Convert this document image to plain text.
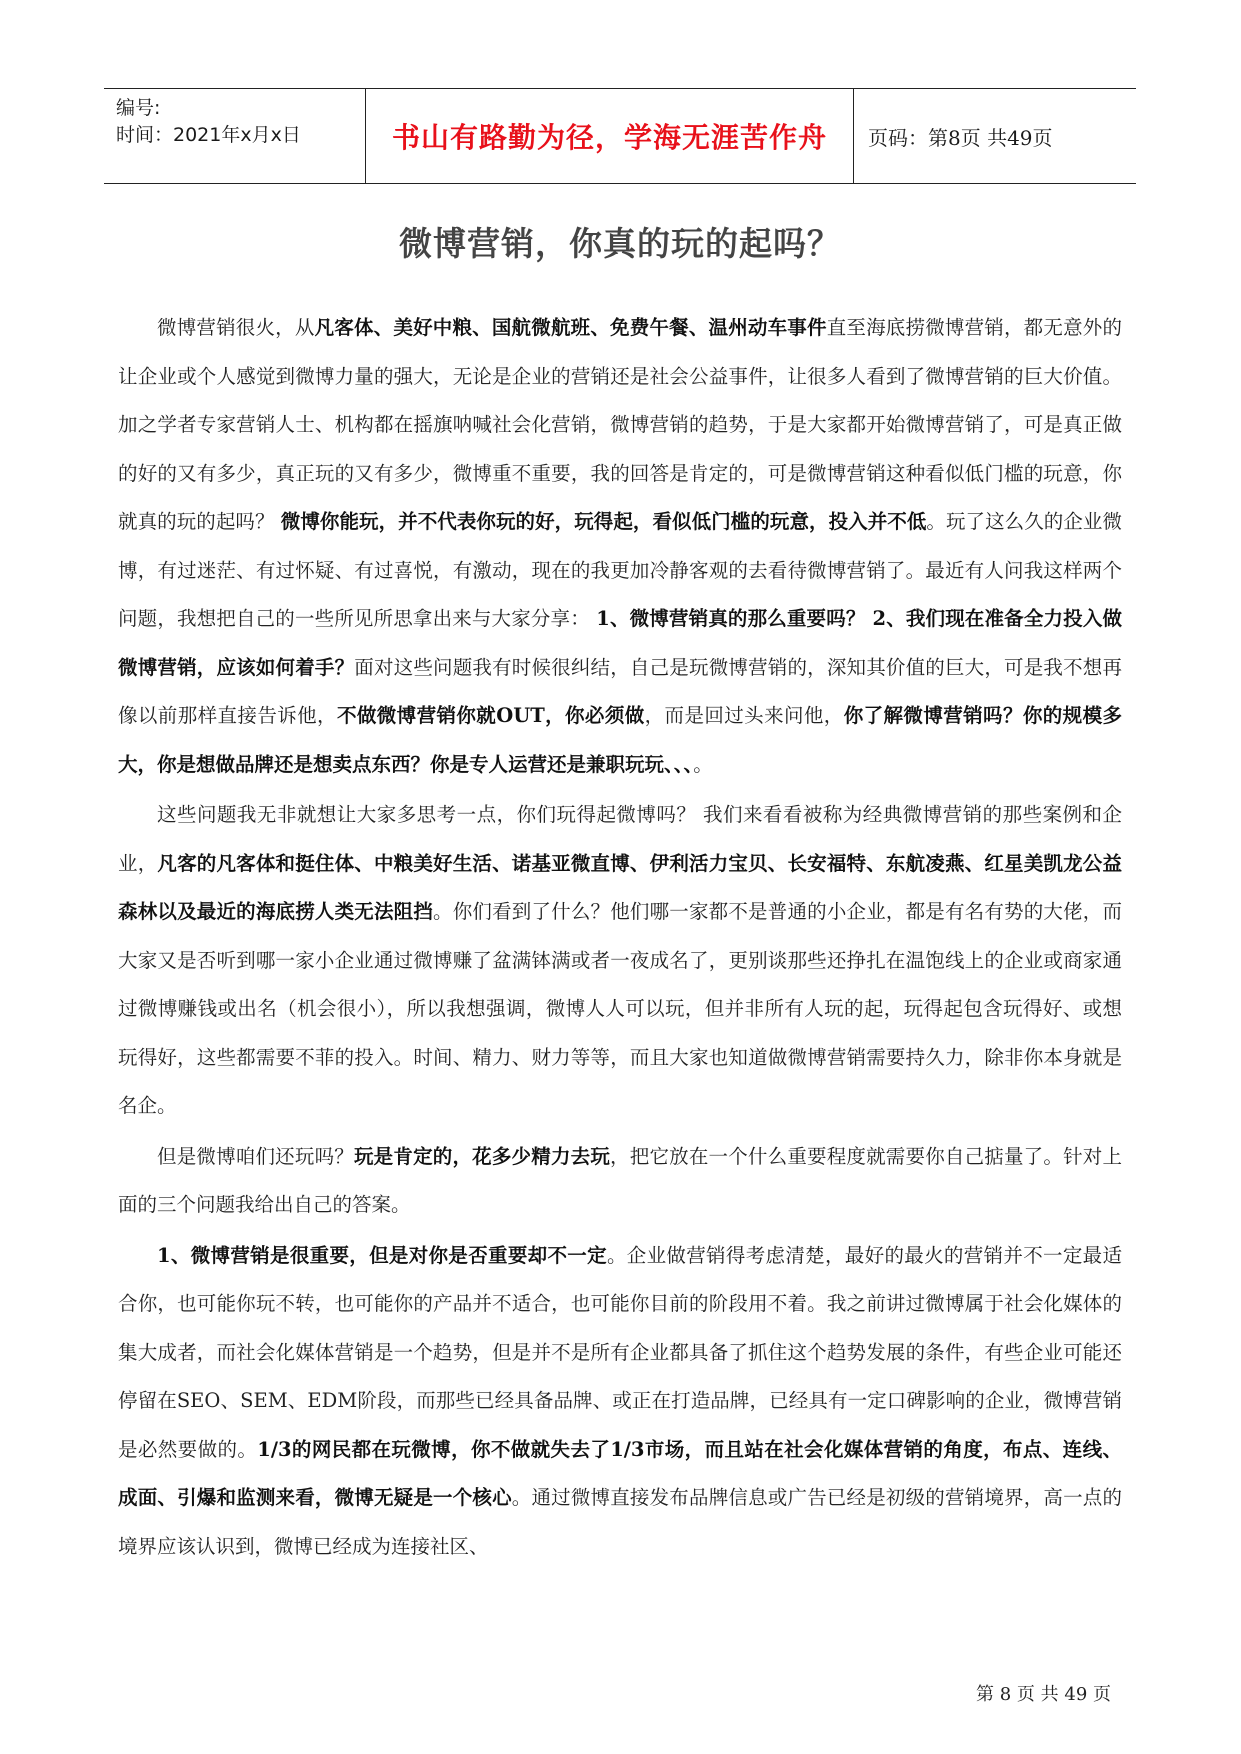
编号:
时间：2021年x月x日	书山有路勤为径，学海无涯苦作舟	页码：第8页 共49页
微博营销，你真的玩的起吗？

微博营销很火，从凡客体、美好中粮、国航微航班、免费午餐、温州动车事件直至海底捞微博营销，都无意外的让企业或个人感觉到微博力量的强大，无论是企业的营销还是社会公益事件，让很多人看到了微博营销的巨大价值。加之学者专家营销人士、机构都在摇旗呐喊社会化营销，微博营销的趋势，于是大家都开始微博营销了，可是真正做的好的又有多少，真正玩的又有多少，微博重不重要，我的回答是肯定的，可是微博营销这种看似低门槛的玩意，你就真的玩的起吗？ 微博你能玩，并不代表你玩的好，玩得起，看似低门槛的玩意，投入并不低。玩了这么久的企业微博，有过迷茫、有过怀疑、有过喜悦，有激动，现在的我更加冷静客观的去看待微博营销了。最近有人问我这样两个问题，我想把自己的一些所见所思拿出来与大家分享： 1、微博营销真的那么重要吗？ 2、我们现在准备全力投入做微博营销，应该如何着手？面对这些问题我有时候很纠结，自己是玩微博营销的，深知其价值的巨大，可是我不想再像以前那样直接告诉他，不做微博营销你就OUT，你必须做，而是回过头来问他，你了解微博营销吗？你的规模多大，你是想做品牌还是想卖点东西？你是专人运营还是兼职玩玩、、、。

这些问题我无非就想让大家多思考一点，你们玩得起微博吗？ 我们来看看被称为经典微博营销的那些案例和企业，凡客的凡客体和挺住体、中粮美好生活、诺基亚微直博、伊利活力宝贝、长安福特、东航凌燕、红星美凯龙公益森林以及最近的海底捞人类无法阻挡。你们看到了什么？他们哪一家都不是普通的小企业，都是有名有势的大佬，而大家又是否听到哪一家小企业通过微博赚了盆满钵满或者一夜成名了，更别谈那些还挣扎在温饱线上的企业或商家通过微博赚钱或出名（机会很小），所以我想强调，微博人人可以玩，但并非所有人玩的起，玩得起包含玩得好、或想玩得好，这些都需要不菲的投入。时间、精力、财力等等，而且大家也知道做微博营销需要持久力，除非你本身就是名企。

但是微博咱们还玩吗？玩是肯定的，花多少精力去玩，把它放在一个什么重要程度就需要你自己掂量了。针对上面的三个问题我给出自己的答案。

1、微博营销是很重要，但是对你是否重要却不一定。企业做营销得考虑清楚，最好的最火的营销并不一定最适合你，也可能你玩不转，也可能你的产品并不适合，也可能你目前的阶段用不着。我之前讲过微博属于社会化媒体的集大成者，而社会化媒体营销是一个趋势，但是并不是所有企业都具备了抓住这个趋势发展的条件，有些企业可能还停留在SEO、SEM、EDM阶段，而那些已经具备品牌、或正在打造品牌，已经具有一定口碑影响的企业，微博营销是必然要做的。1/3的网民都在玩微博，你不做就失去了1/3市场，而且站在社会化媒体营销的角度，布点、连线、成面、引爆和监测来看，微博无疑是一个核心。通过微博直接发布品牌信息或广告已经是初级的营销境界，高一点的境界应该认识到，微博已经成为连接社区、

第 8 页 共 49 页
